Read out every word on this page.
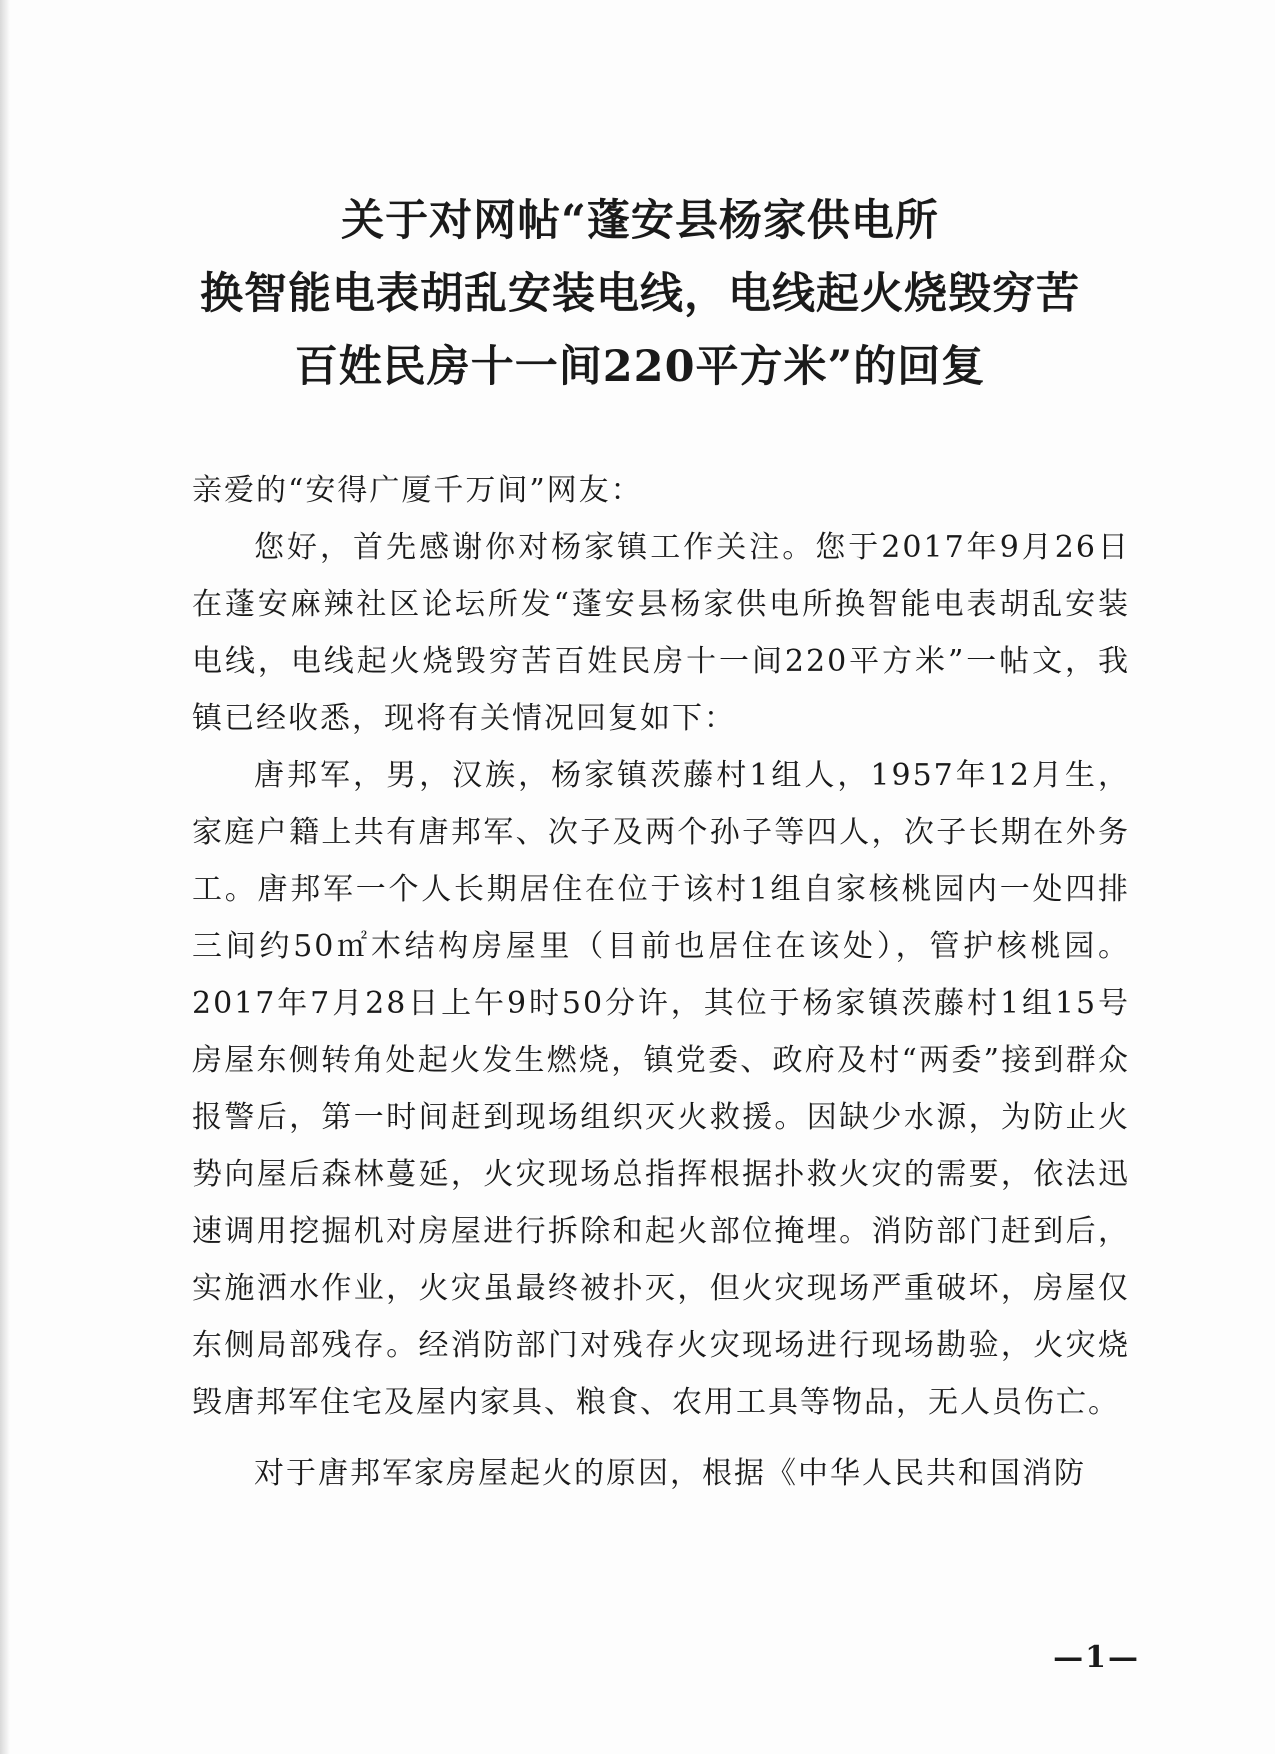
关于对网帖“蓬安县杨家供电所
换智能电表胡乱安装电线，电线起火烧毁穷苦
百姓民房十一间220平方米”的回复

亲爱的“安得广厦千万间”网友：

您好，首先感谢你对杨家镇工作关注。您于2017年9月26日在蓬安麻辣社区论坛所发“蓬安县杨家供电所换智能电表胡乱安装电线，电线起火烧毁穷苦百姓民房十一间220平方米”一帖文，我镇已经收悉，现将有关情况回复如下：

唐邦军，男，汉族，杨家镇茨藤村1组人，1957年12月生，家庭户籍上共有唐邦军、次子及两个孙子等四人，次子长期在外务工。唐邦军一个人长期居住在位于该村1组自家核桃园内一处四排三间约50㎡木结构房屋里（目前也居住在该处），管护核桃园。2017年7月28日上午9时50分许，其位于杨家镇茨藤村1组15号房屋东侧转角处起火发生燃烧，镇党委、政府及村“两委”接到群众报警后，第一时间赶到现场组织灭火救援。因缺少水源，为防止火势向屋后森林蔓延，火灾现场总指挥根据扑救火灾的需要，依法迅速调用挖掘机对房屋进行拆除和起火部位掩埋。消防部门赶到后，实施洒水作业，火灾虽最终被扑灭，但火灾现场严重破坏，房屋仅东侧局部残存。经消防部门对残存火灾现场进行现场勘验，火灾烧毁唐邦军住宅及屋内家具、粮食、农用工具等物品，无人员伤亡。

对于唐邦军家房屋起火的原因，根据《中华人民共和国消防

—1—
